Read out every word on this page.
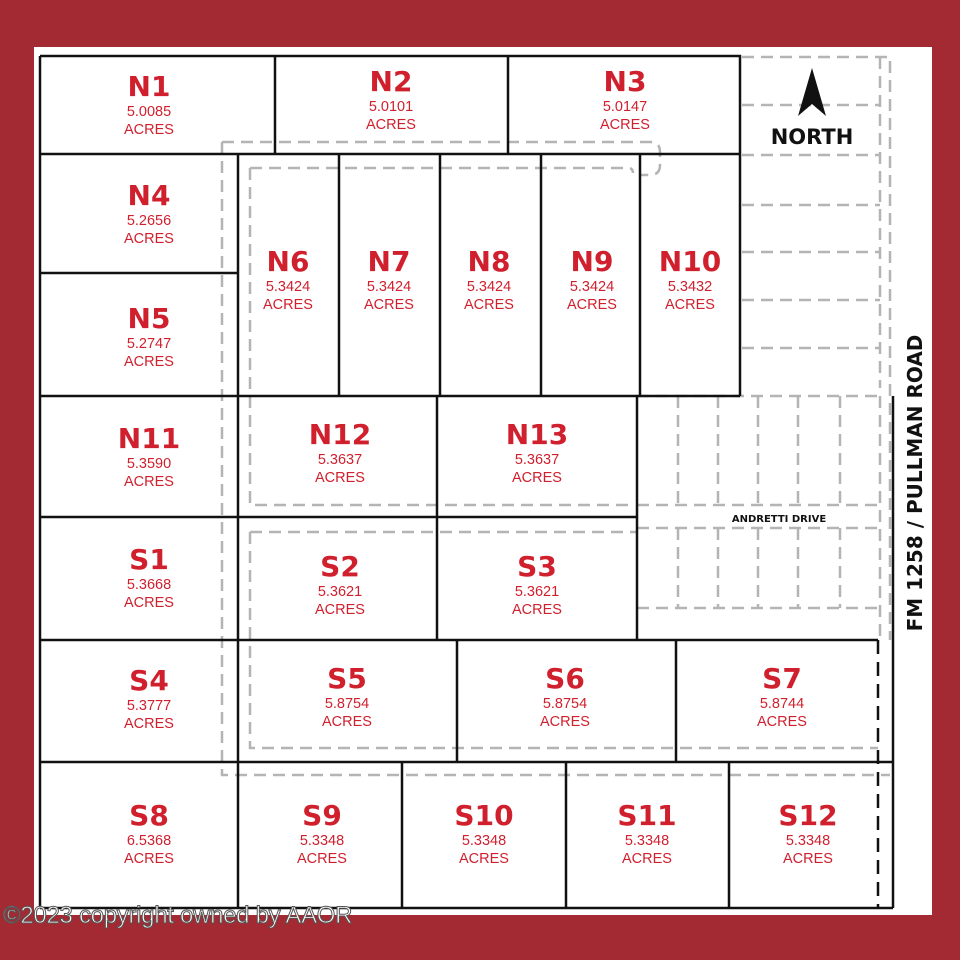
NORTH
FM 1258 / PULLMAN ROAD
ANDRETTI DRIVE
N1
5.0085
ACRES
N2
5.0101
ACRES
N3
5.0147
ACRES
N4
5.2656
ACRES
N5
5.2747
ACRES
N6
5.3424
ACRES
N7
5.3424
ACRES
N8
5.3424
ACRES
N9
5.3424
ACRES
N10
5.3432
ACRES
N11
5.3590
ACRES
N12
5.3637
ACRES
N13
5.3637
ACRES
S1
5.3668
ACRES
S2
5.3621
ACRES
S3
5.3621
ACRES
S4
5.3777
ACRES
S5
5.8754
ACRES
S6
5.8754
ACRES
S7
5.8744
ACRES
S8
6.5368
ACRES
S9
5.3348
ACRES
S10
5.3348
ACRES
S11
5.3348
ACRES
S12
5.3348
ACRES
©2023 copyright owned by AAOR
